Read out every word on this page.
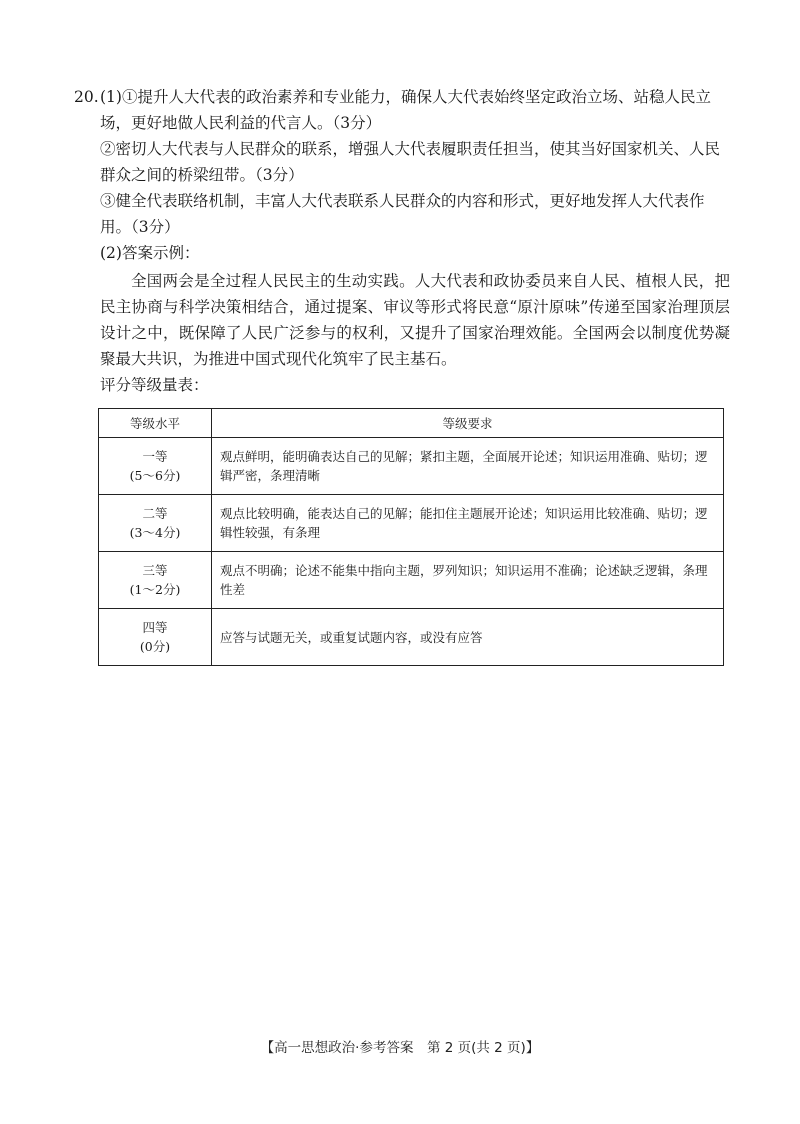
20.(1)①提升人大代表的政治素养和专业能力，确保人大代表始终坚定政治立场、站稳人民立场，更好地做人民利益的代言人。（3分）

②密切人大代表与人民群众的联系，增强人大代表履职责任担当，使其当好国家机关、人民群众之间的桥梁纽带。（3分）

③健全代表联络机制，丰富人大代表联系人民群众的内容和形式，更好地发挥人大代表作用。（3分）

(2)答案示例：

全国两会是全过程人民民主的生动实践。人大代表和政协委员来自人民、植根人民，把民主协商与科学决策相结合，通过提案、审议等形式将民意“原汁原味”传递至国家治理顶层设计之中，既保障了人民广泛参与的权利，又提升了国家治理效能。全国两会以制度优势凝聚最大共识，为推进中国式现代化筑牢了民主基石。

评分等级量表：

等级水平	等级要求

一等
(5～6分)	观点鲜明，能明确表达自己的见解；紧扣主题，全面展开论述；知识运用准确、贴切；逻辑严密，条理清晰

二等
(3～4分)	观点比较明确，能表达自己的见解；能扣住主题展开论述；知识运用比较准确、贴切；逻辑性较强，有条理

三等
(1～2分)	观点不明确；论述不能集中指向主题，罗列知识；知识运用不准确；论述缺乏逻辑，条理性差

四等
(0分)	应答与试题无关，或重复试题内容，或没有应答
【高一思想政治·参考答案　第 2 页(共 2 页)】
